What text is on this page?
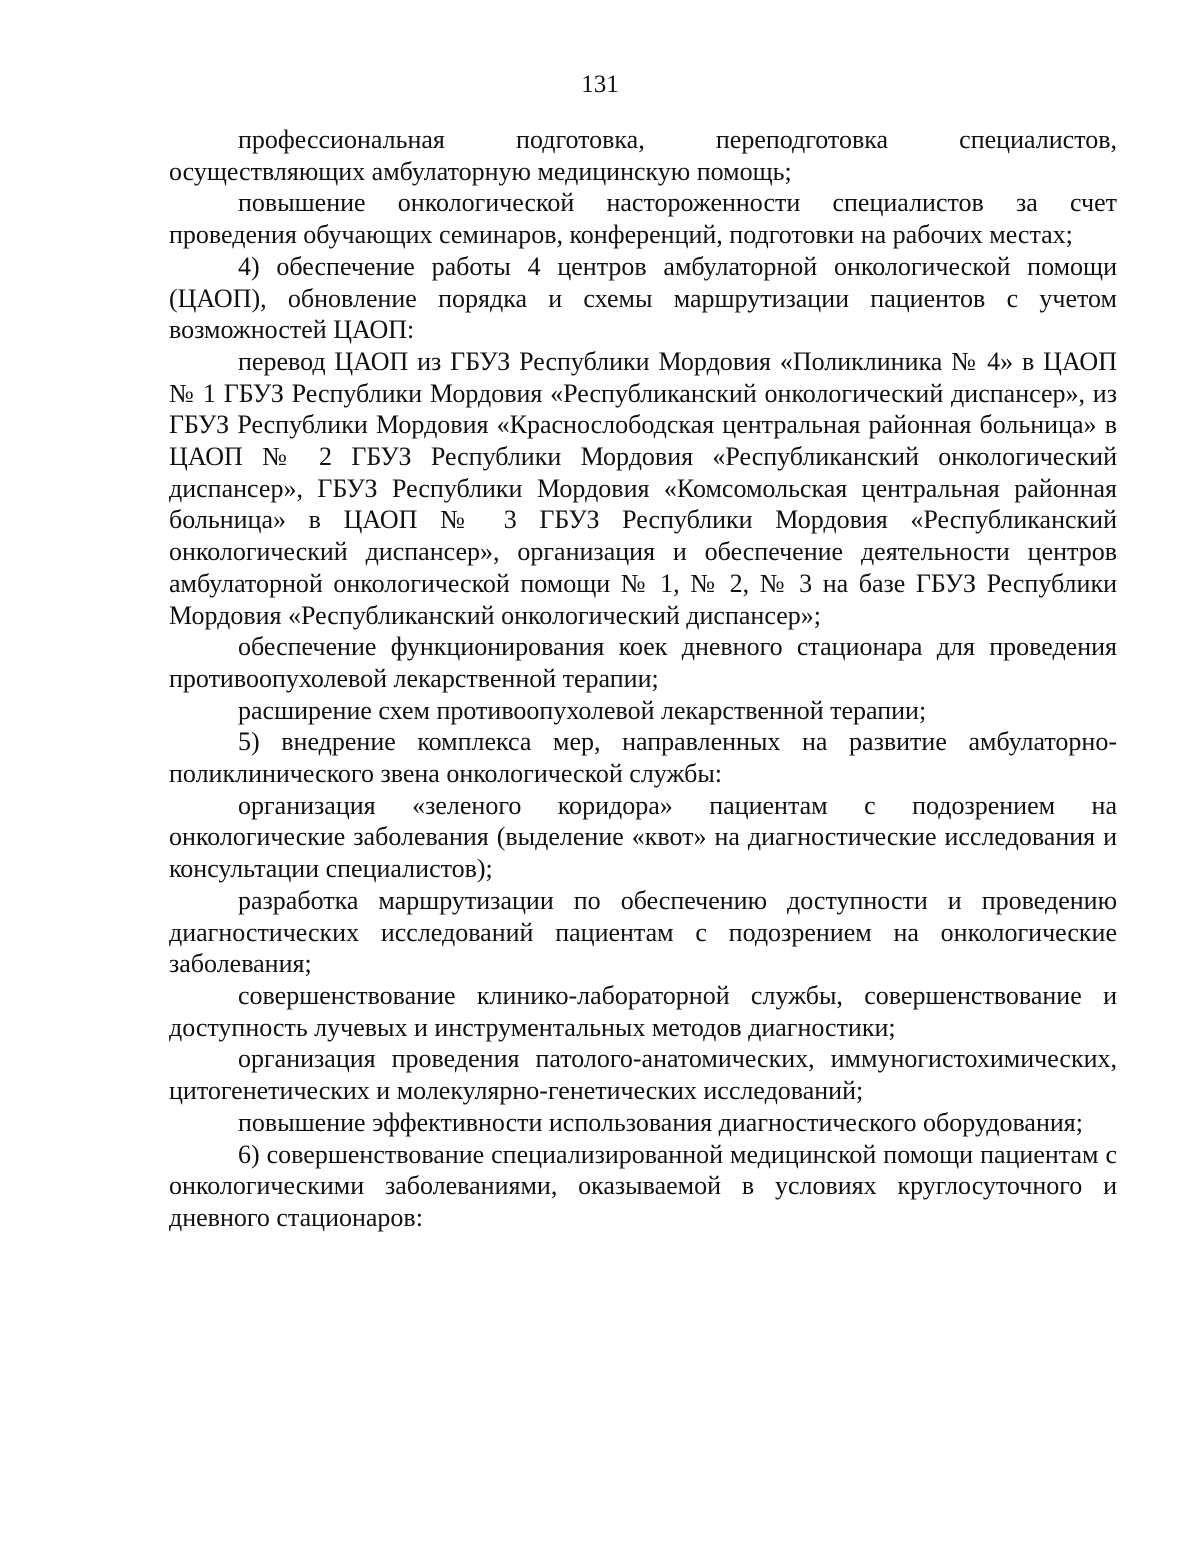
131

профессиональная подготовка, переподготовка специалистов, осуществляющих амбулаторную медицинскую помощь;

повышение онкологической настороженности специалистов за счет проведения обучающих семинаров, конференций, подготовки на рабочих местах;

4) обеспечение работы 4 центров амбулаторной онкологической помощи (ЦАОП), обновление порядка и схемы маршрутизации пациентов с учетом возможностей ЦАОП:

перевод ЦАОП из ГБУЗ Республики Мордовия «Поликлиника № 4» в ЦАОП № 1 ГБУЗ Республики Мордовия «Республиканский онкологический диспансер», из ГБУЗ Республики Мордовия «Краснослободская центральная районная больница» в ЦАОП № 2 ГБУЗ Республики Мордовия «Республиканский онкологический диспансер», ГБУЗ Республики Мордовия «Комсомольская центральная районная больница» в ЦАОП № 3 ГБУЗ Республики Мордовия «Республиканский онкологический диспансер», организация и обеспечение деятельности центров амбулаторной онкологической помощи № 1, № 2, № 3 на базе ГБУЗ Республики Мордовия «Республиканский онкологический диспансер»;

обеспечение функционирования коек дневного стационара для проведения противоопухолевой лекарственной терапии;

расширение схем противоопухолевой лекарственной терапии;

5) внедрение комплекса мер, направленных на развитие амбулаторно-поликлинического звена онкологической службы:

организация «зеленого коридора» пациентам с подозрением на онкологические заболевания (выделение «квот» на диагностические исследования и консультации специалистов);

разработка маршрутизации по обеспечению доступности и проведению диагностических исследований пациентам с подозрением на онкологические заболевания;

совершенствование клинико-лабораторной службы, совершенствование и доступность лучевых и инструментальных методов диагностики;

организация проведения патолого-анатомических, иммуногистохимических, цитогенетических и молекулярно-генетических исследований;

повышение эффективности использования диагностического оборудования;

6) совершенствование специализированной медицинской помощи пациентам с онкологическими заболеваниями, оказываемой в условиях круглосуточного и дневного стационаров:
